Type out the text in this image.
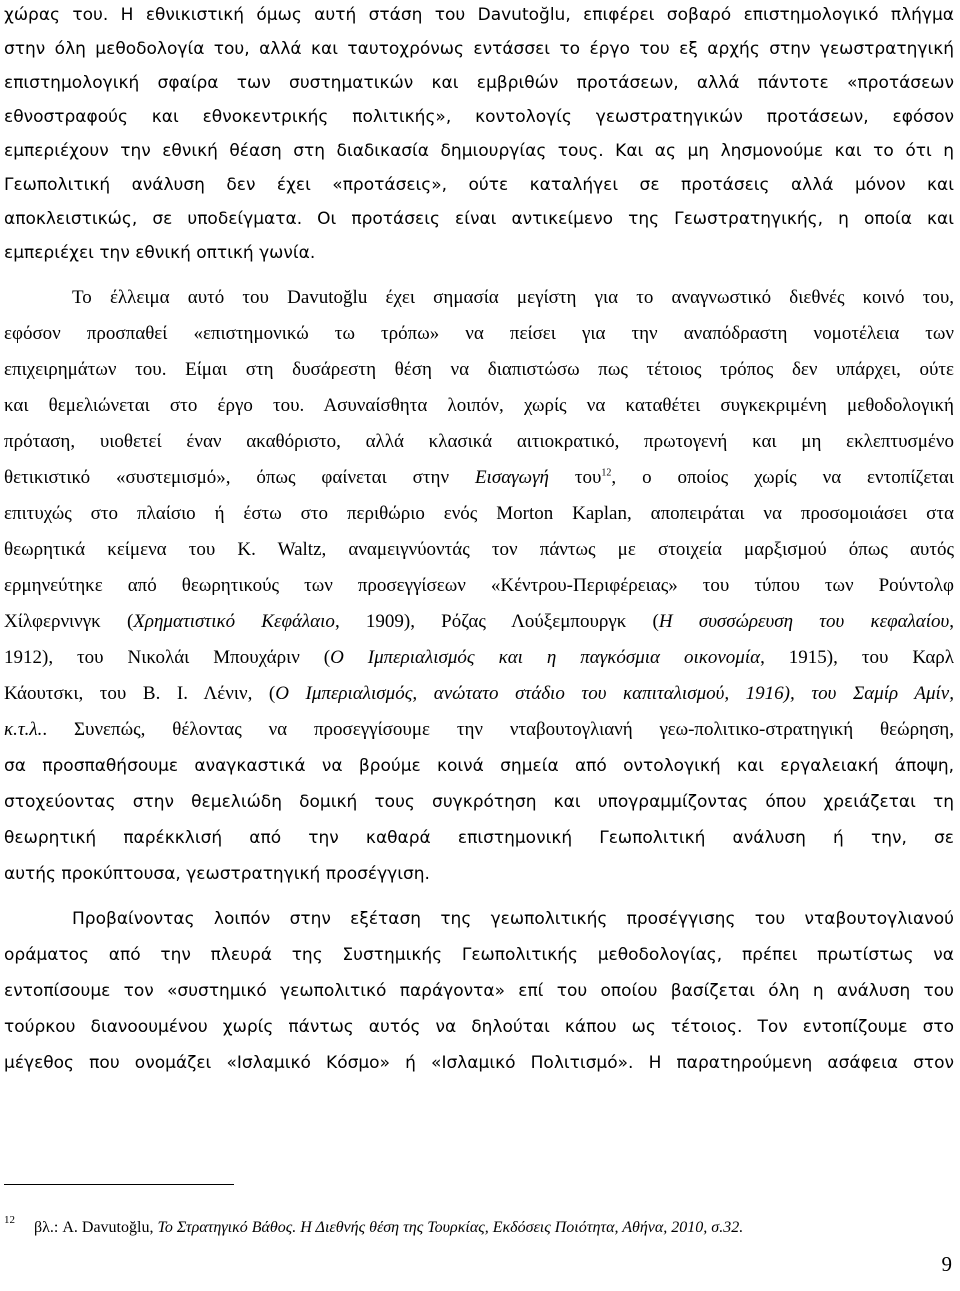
χώρας του. Η εθνικιστική όμως αυτή στάση του Davutoğlu, επιφέρει σοβαρό επιστημολογικό πλήγμα
στην όλη μεθοδολογία του, αλλά και ταυτοχρόνως εντάσσει το έργο του εξ αρχής στην γεωστρατηγική
επιστημολογική σφαίρα των συστηματικών και εμβριθών προτάσεων, αλλά πάντοτε «προτάσεων
εθνοστραφούς και εθνοκεντρικής πολιτικής», κοντολογίς γεωστρατηγικών προτάσεων, εφόσον
εμπεριέχουν την εθνική θέαση στη διαδικασία δημιουργίας τους. Και ας μη λησμονούμε και το ότι η
Γεωπολιτική ανάλυση δεν έχει «προτάσεις», ούτε καταλήγει σε προτάσεις αλλά μόνον και
αποκλειστικώς, σε υποδείγματα. Οι προτάσεις είναι αντικείμενο της Γεωστρατηγικής, η οποία και
εμπεριέχει την εθνική οπτική γωνία.
Το έλλειμα αυτό του Davutoğlu έχει σημασία μεγίστη για το αναγνωστικό διεθνές κοινό του,
εφόσον προσπαθεί «επιστημονικώ τω τρόπω» να πείσει για την αναπόδραστη νομοτέλεια των
επιχειρημάτων του. Είμαι στη δυσάρεστη θέση να διαπιστώσω πως τέτοιος τρόπος δεν υπάρχει, ούτε
και θεμελιώνεται στο έργο του. Ασυναίσθητα λοιπόν, χωρίς να καταθέτει συγκεκριμένη μεθοδολογική
πρόταση, υιοθετεί έναν ακαθόριστο, αλλά κλασικά αιτιοκρατικό, πρωτογενή και μη εκλεπτυσμένο
θετικιστικό «συστεμισμό», όπως φαίνεται στην Εισαγωγή του$^{12}$, ο οποίος χωρίς να εντοπίζεται
επιτυχώς στο πλαίσιο ή έστω στο περιθώριο ενός Morton Kaplan, αποπειράται να προσομοιάσει στα
θεωρητικά κείμενα του K. Waltz, αναμειγνύοντάς τον πάντως με στοιχεία μαρξισμού όπως αυτός
ερμηνεύτηκε από θεωρητικούς των προσεγγίσεων «Κέντρου-Περιφέρειας» του τύπου των Ρούντολφ
Χίλφερνινγκ (Χρηματιστικό Κεφάλαιο, 1909), Ρόζας Λούξεμπουργκ (Η συσσώρευση του κεφαλαίου,
1912), του Νικολάι Μπουχάριν (Ο Ιμπεριαλισμός και η παγκόσμια οικονομία, 1915), του Καρλ
Κάουτσκι, του Β. Ι. Λένιν, (Ο Ιμπεριαλισμός, ανώτατο στάδιο του καπιταλισμού, 1916), του Σαμίρ Αμίν,
κ.τ.λ.. Συνεπώς, θέλοντας να προσεγγίσουμε την νταβουτογλιανή γεω-πολιτικο-στρατηγική θεώρηση,
σα προσπαθήσουμε αναγκαστικά να βρούμε κοινά σημεία από οντολογική και εργαλειακή άποψη,
στοχεύοντας στην θεμελιώδη δομική τους συγκρότηση και υπογραμμίζοντας όπου χρειάζεται τη
θεωρητική παρέκκλισή από την καθαρά επιστημονική Γεωπολιτική ανάλυση ή την, σε
αυτής προκύπτουσα, γεωστρατηγική προσέγγιση.
Προβαίνοντας λοιπόν στην εξέταση της γεωπολιτικής προσέγγισης του νταβουτογλιανού
οράματος από την πλευρά της Συστημικής Γεωπολιτικής μεθοδολογίας, πρέπει πρωτίστως να
εντοπίσουμε τον «συστημικό γεωπολιτικό παράγοντα» επί του οποίου βασίζεται όλη η ανάλυση του
τούρκου διανοουμένου χωρίς πάντως αυτός να δηλούται κάπου ως τέτοιος. Τον εντοπίζουμε στο
μέγεθος που ονομάζει «Ισλαμικό Κόσμο» ή «Ισλαμικό Πολιτισμό». Η παρατηρούμενη ασάφεια στον
12 βλ.: A. Davutoğlu, Το Στρατηγικό Βάθος. Η Διεθνής θέση της Τουρκίας, Εκδόσεις Ποιότητα, Αθήνα, 2010, σ.32.
9
